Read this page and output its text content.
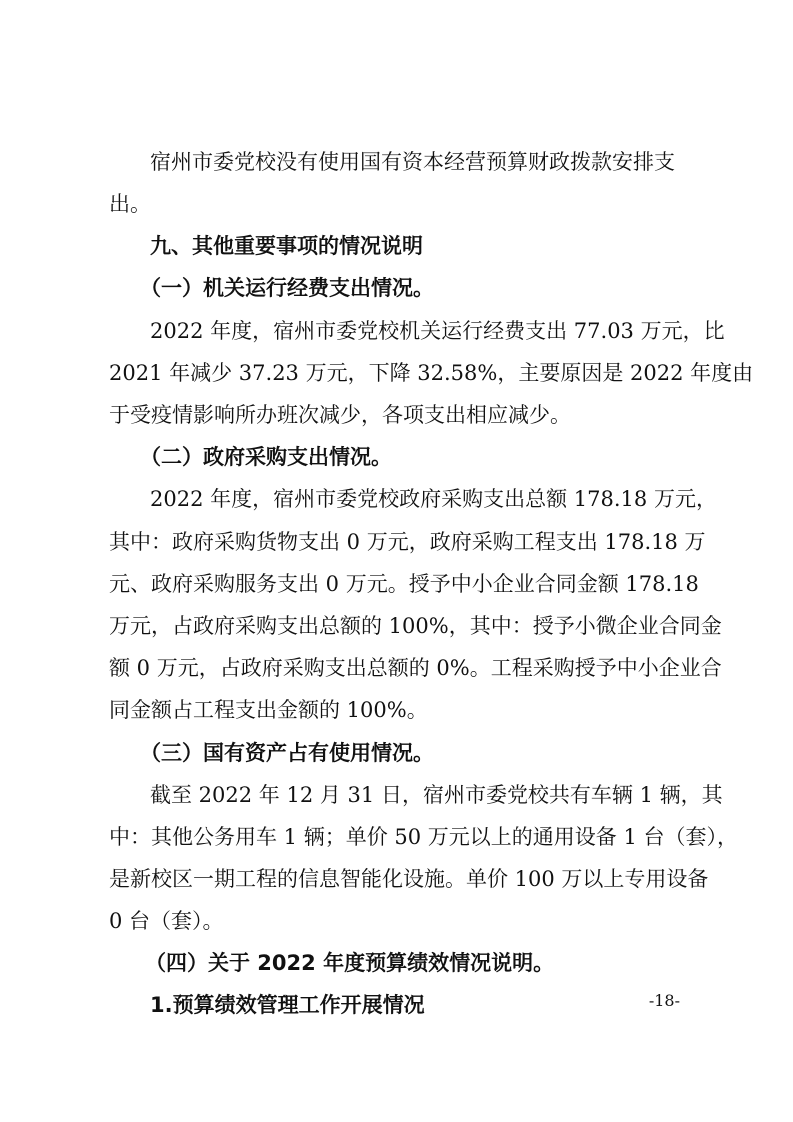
宿州市委党校没有使用国有资本经营预算财政拨款安排支
出。
九、其他重要事项的情况说明
（一）机关运行经费支出情况。
2022 年度，宿州市委党校机关运行经费支出 77.03 万元，比
2021 年减少 37.23 万元，下降 32.58%，主要原因是 2022 年度由
于受疫情影响所办班次减少，各项支出相应减少。
（二）政府采购支出情况。
2022 年度，宿州市委党校政府采购支出总额 178.18 万元，
其中：政府采购货物支出 0 万元，政府采购工程支出 178.18 万
元、政府采购服务支出 0 万元。授予中小企业合同金额 178.18
万元，占政府采购支出总额的 100%，其中：授予小微企业合同金
额 0 万元，占政府采购支出总额的 0%。工程采购授予中小企业合
同金额占工程支出金额的 100%。
（三）国有资产占有使用情况。
截至 2022 年 12 月 31 日，宿州市委党校共有车辆 1 辆，其
中：其他公务用车 1 辆；单价 50 万元以上的通用设备 1 台（套），
是新校区一期工程的信息智能化设施。单价 100 万以上专用设备
0 台（套）。
（四）关于 2022 年度预算绩效情况说明。
1.预算绩效管理工作开展情况	-18-
